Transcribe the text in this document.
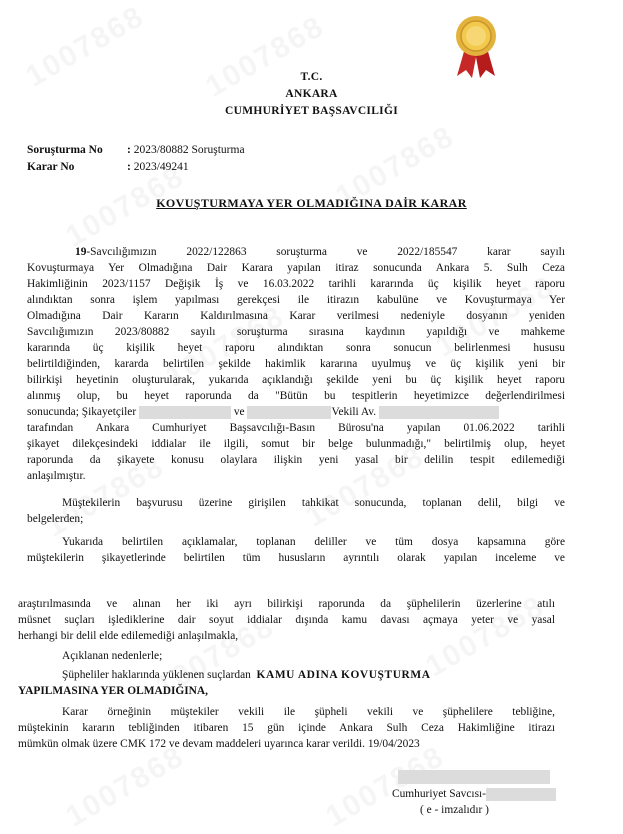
T.C.
ANKARA
CUMHURİYET BAŞSAVCILIĞI
Soruşturma No : 2023/80882 Soruşturma
Karar No	: 2023/49241
KOVUŞTURMAYA YER OLMADIĞINA DAİR KARAR
19-Savcılığımızın 2022/122863 soruşturma ve 2022/185547 karar sayılı
Kovuşturmaya Yer Olmadığına Dair Karara yapılan itiraz sonucunda Ankara 5. Sulh Ceza
Hakimliğinin 2023/1157 Değişik İş ve 16.03.2022 tarihli kararında üç kişilik heyet raporu
alındıktan sonra işlem yapılması gerekçesi ile itirazın kabulüne ve Kovuşturmaya Yer
Olmadığına Dair Kararın Kaldırılmasına Karar verilmesi nedeniyle dosyanın yeniden
Savcılığımızın 2023/80882 sayılı soruşturma sırasına kaydının yapıldığı ve mahkeme
kararında üç kişilik heyet raporu alındıktan sonra sonucun belirlenmesi hususu
belirtildiğinden, kararda belirtilen şekilde hakimlik kararına uyulmuş ve üç kişilik yeni bir
bilirkişi heyetinin oluşturularak, yukarıda açıklandığı şekilde yeni bu üç kişilik heyet raporu
alınmış olup, bu heyet raporunda da "Bütün bu tespitlerin heyetimizce değerlendirilmesi
sonucunda; Şikayetçiler	ve	Vekili Av.
tarafından Ankara Cumhuriyet Başsavcılığı-Basın Bürosu'na yapılan 01.06.2022 tarihli
şikayet dilekçesindeki iddialar ile ilgili, somut bir belge bulunmadığı," belirtilmiş olup, heyet
raporunda da şikayete konusu olaylara ilişkin yeni yasal bir delilin tespit edilemediği
anlaşılmıştır.
Müştekilerin başvurusu üzerine girişilen tahkikat sonucunda, toplanan delil, bilgi ve
belgelerden;
Yukarıda belirtilen açıklamalar, toplanan deliller ve tüm dosya kapsamına göre
müştekilerin şikayetlerinde belirtilen tüm hususların ayrıntılı olarak yapılan inceleme ve
araştırılmasında ve alınan her iki ayrı bilirkişi raporunda da şüphelilerin üzerlerine atılı
müsnet suçları işlediklerine dair soyut iddialar dışında kamu davası açmaya yeter ve yasal
herhangi bir delil elde edilemediği anlaşılmakla,
Açıklanan nedenlerle;
Şüpheliler haklarında yüklenen suçlardan KAMU ADINA KOVUŞTURMA
YAPILMASINA YER OLMADIĞINA,
Karar örneğinin müştekiler vekili ile şüpheli vekili ve şüphelilere tebliğine,
müştekinin kararın tebliğinden itibaren 15 gün içinde Ankara Sulh Ceza Hakimliğine itirazı
mümkün olmak üzere CMK 172 ve devam maddeleri uyarınca karar verildi. 19/04/2023
Cumhuriyet Savcısı-
( e - imzalıdır )
